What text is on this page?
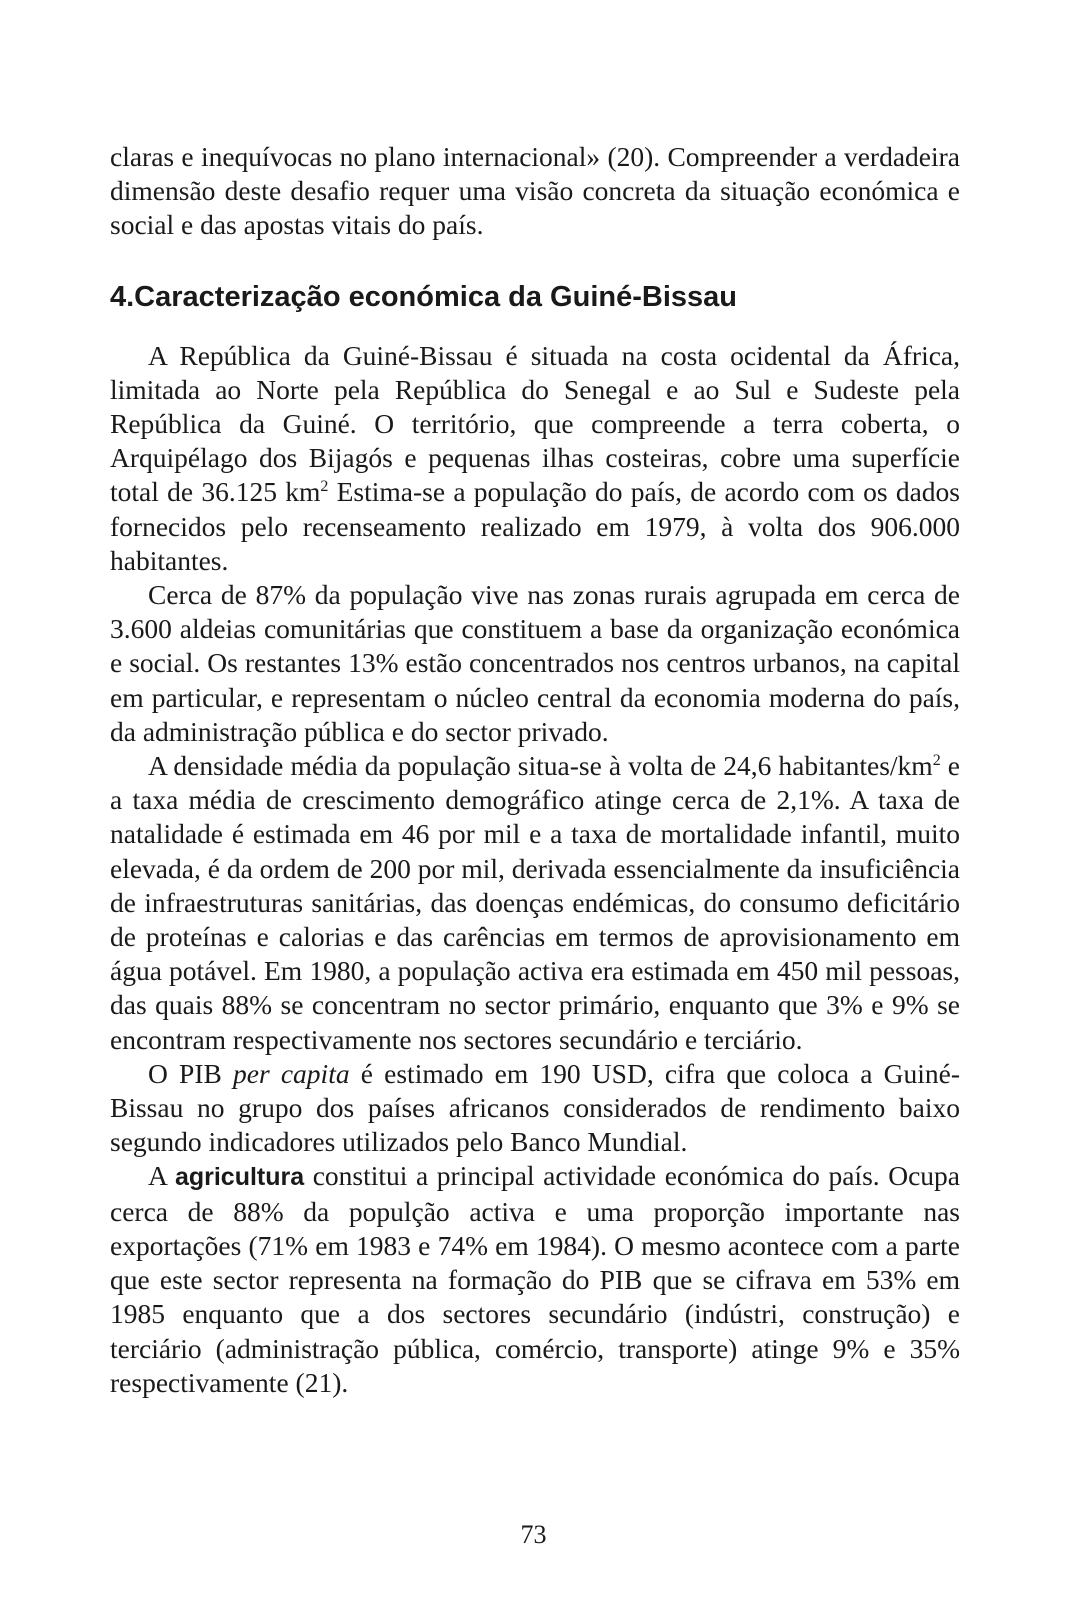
claras e inequívocas no plano internacional» (20). Compreender a verdadeira dimensão deste desafio requer uma visão concreta da situação económica e social e das apostas vitais do país.

4.Caracterização económica da Guiné-Bissau

A República da Guiné-Bissau é situada na costa ocidental da África, limitada ao Norte pela República do Senegal e ao Sul e Sudeste pela República da Guiné. O território, que compreende a terra coberta, o Arquipélago dos Bijagós e pequenas ilhas costeiras, cobre uma superfície total de 36.125 $km^2$ Estima-se a população do país, de acordo com os dados fornecidos pelo recenseamento realizado em 1979, à volta dos 906.000 habitantes.

Cerca de 87% da população vive nas zonas rurais agrupada em cerca de 3.600 aldeias comunitárias que constituem a base da organização económica e social. Os restantes 13% estão concentrados nos centros urbanos, na capital em particular, e representam o núcleo central da economia moderna do país, da administração pública e do sector privado.

A densidade média da população situa-se à volta de 24,6 habitantes/$km^2$ e a taxa média de crescimento demográfico atinge cerca de 2,1%. A taxa de natalidade é estimada em 46 por mil e a taxa de mortalidade infantil, muito elevada, é da ordem de 200 por mil, derivada essencialmente da insuficiência de infraestruturas sanitárias, das doenças endémicas, do consumo deficitário de proteínas e calorias e das carências em termos de aprovisionamento em água potável. Em 1980, a população activa era estimada em 450 mil pessoas, das quais 88% se concentram no sector primário, enquanto que 3% e 9% se encontram respectivamente nos sectores secundário e terciário.

O PIB per capita é estimado em 190 USD, cifra que coloca a Guiné-Bissau no grupo dos países africanos considerados de rendimento baixo segundo indicadores utilizados pelo Banco Mundial.

A agricultura constitui a principal actividade económica do país. Ocupa cerca de 88% da populção activa e uma proporção importante nas exportações (71% em 1983 e 74% em 1984). O mesmo acontece com a parte que este sector representa na formação do PIB que se cifrava em 53% em 1985 enquanto que a dos sectores secundário (indústri, construção) e terciário (administração pública, comércio, transporte) atinge 9% e 35% respectivamente (21).

73
